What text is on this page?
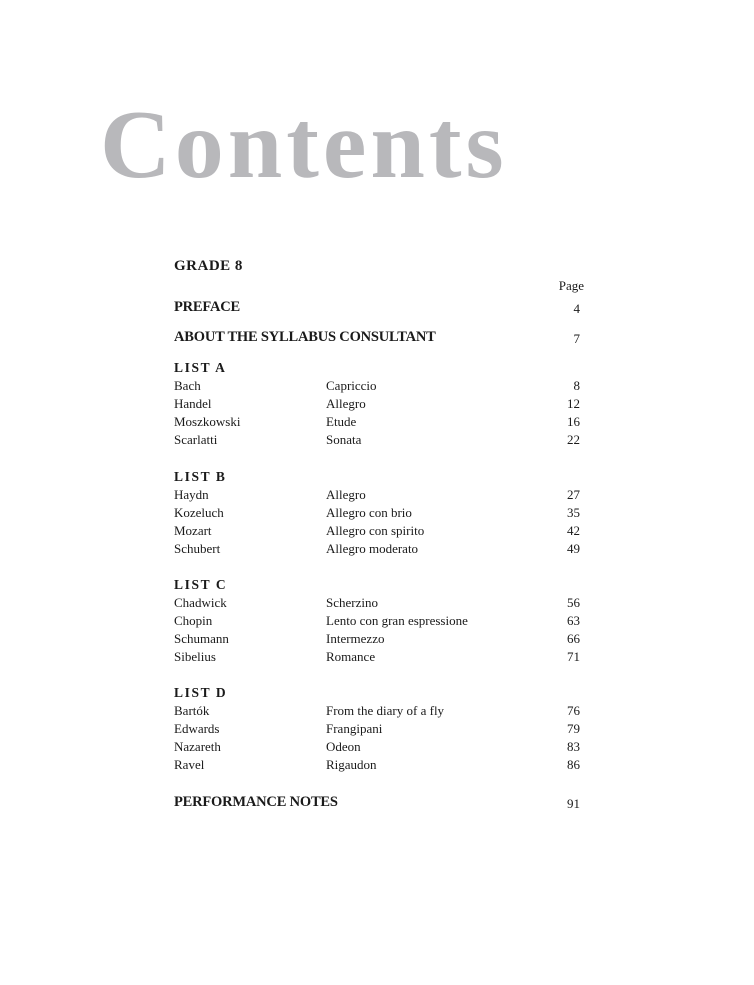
Contents
GRADE 8
Page
PREFACE	4
ABOUT THE SYLLABUS CONSULTANT	7
LIST A
Bach	Capriccio	8
Handel	Allegro	12
Moszkowski	Etude	16
Scarlatti	Sonata	22
LIST B
Haydn	Allegro	27
Kozeluch	Allegro con brio	35
Mozart	Allegro con spirito	42
Schubert	Allegro moderato	49
LIST C
Chadwick	Scherzino	56
Chopin	Lento con gran espressione	63
Schumann	Intermezzo	66
Sibelius	Romance	71
LIST D
Bartók	From the diary of a fly	76
Edwards	Frangipani	79
Nazareth	Odeon	83
Ravel	Rigaudon	86
PERFORMANCE NOTES	91
